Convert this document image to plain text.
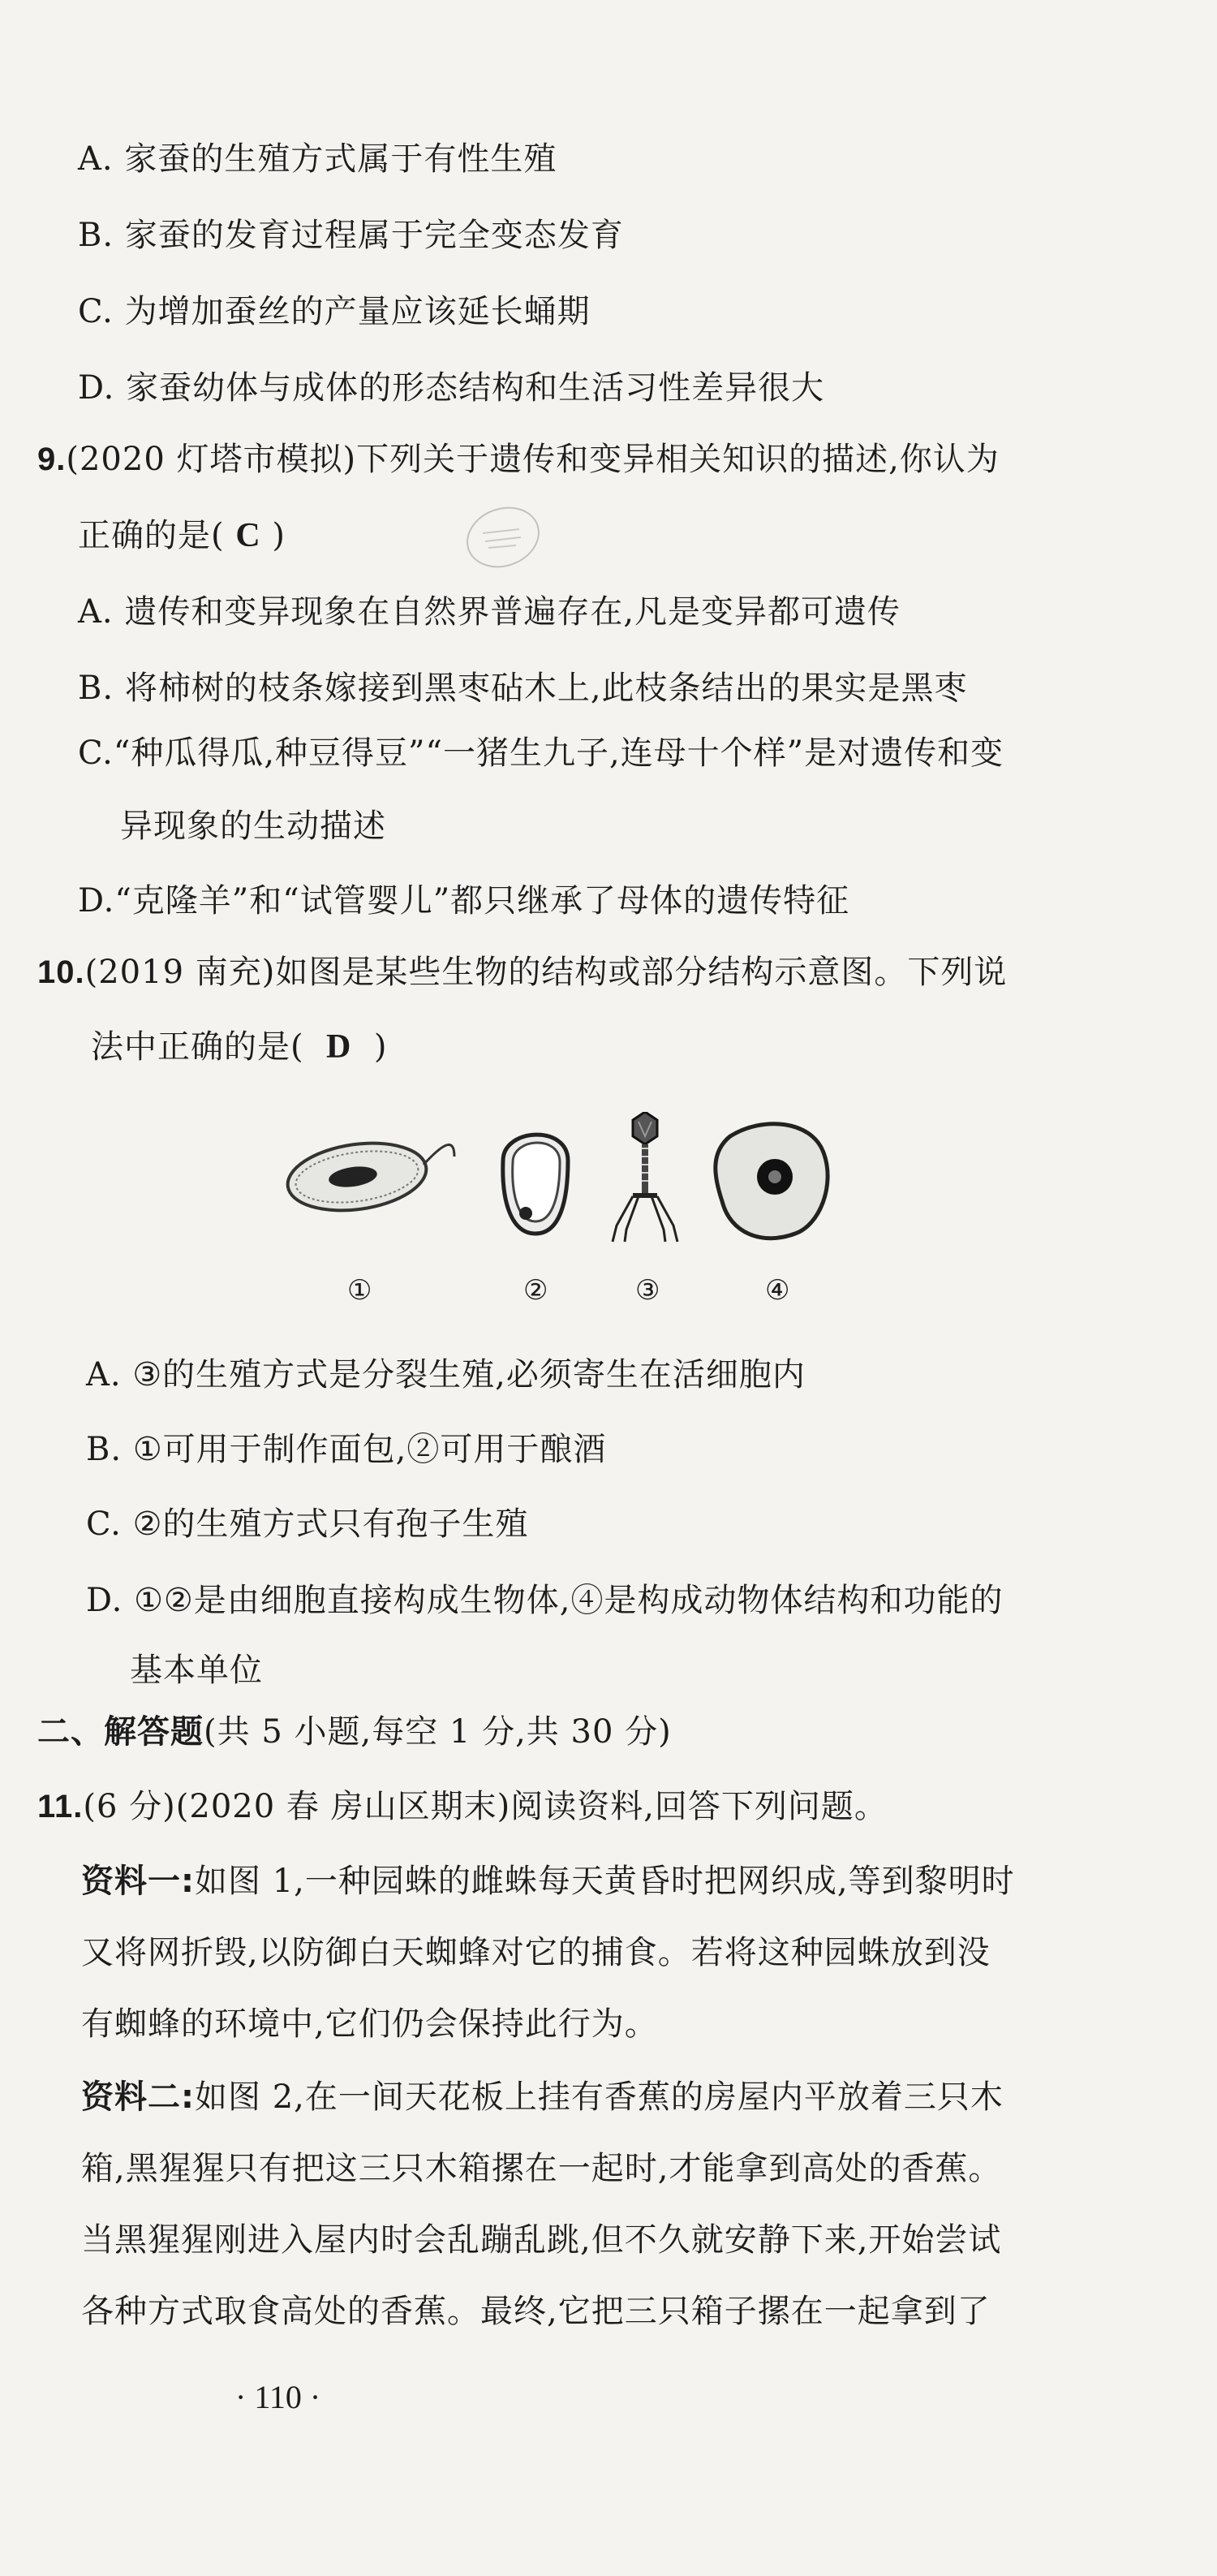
A. 家蚕的生殖方式属于有性生殖
B. 家蚕的发育过程属于完全变态发育
C. 为增加蚕丝的产量应该延长蛹期
D. 家蚕幼体与成体的形态结构和生活习性差异很大
9.(2020 灯塔市模拟)下列关于遗传和变异相关知识的描述,你认为
正确的是( C )
A. 遗传和变异现象在自然界普遍存在,凡是变异都可遗传
B. 将柿树的枝条嫁接到黑枣砧木上,此枝条结出的果实是黑枣
C.“种瓜得瓜,种豆得豆”“一猪生九子,连母十个样”是对遗传和变
异现象的生动描述
D.“克隆羊”和“试管婴儿”都只继承了母体的遗传特征
10.(2019 南充)如图是某些生物的结构或部分结构示意图。下列说
法中正确的是( D )
①	②	③	④
A. ③的生殖方式是分裂生殖,必须寄生在活细胞内
B. ①可用于制作面包,②可用于酿酒
C. ②的生殖方式只有孢子生殖
D. ①②是由细胞直接构成生物体,④是构成动物体结构和功能的
基本单位
二、解答题(共 5 小题,每空 1 分,共 30 分)
11.(6 分)(2020 春 房山区期末)阅读资料,回答下列问题。
资料一:如图 1,一种园蛛的雌蛛每天黄昏时把网织成,等到黎明时
又将网折毁,以防御白天蜘蜂对它的捕食。若将这种园蛛放到没
有蜘蜂的环境中,它们仍会保持此行为。
资料二:如图 2,在一间天花板上挂有香蕉的房屋内平放着三只木
箱,黑猩猩只有把这三只木箱摞在一起时,才能拿到高处的香蕉。
当黑猩猩刚进入屋内时会乱蹦乱跳,但不久就安静下来,开始尝试
各种方式取食高处的香蕉。最终,它把三只箱子摞在一起拿到了
· 110 ·
